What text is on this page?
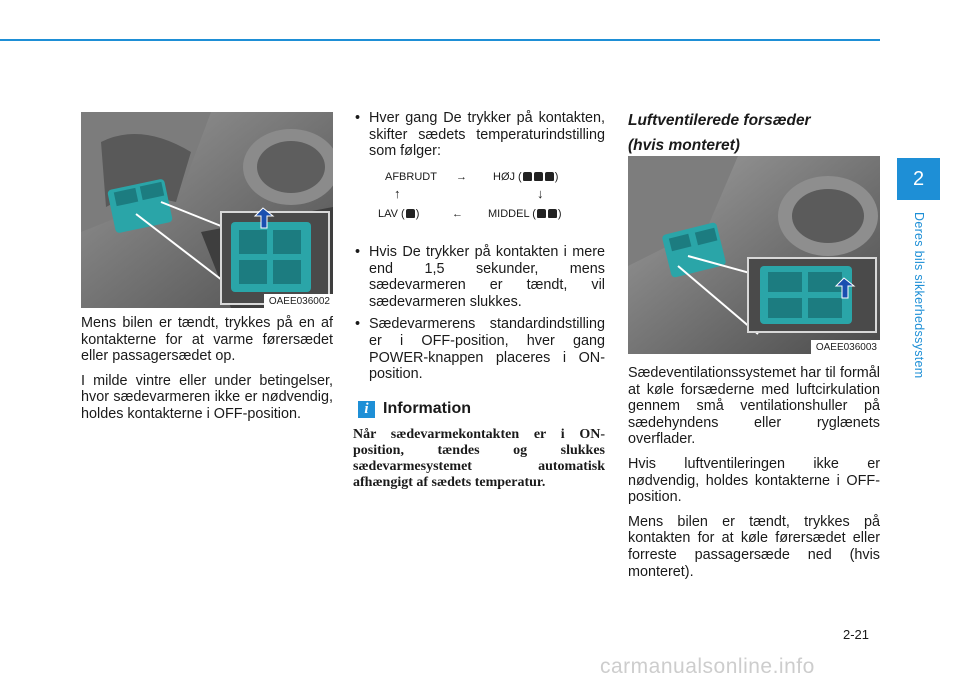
2
Deres bils sikkerhedssystem
OAEE036002

Mens bilen er tændt, trykkes på en af kontakterne for at varme førersædet eller passagersædet op.

I milde vintre eller under betingelser, hvor sædevarmeren ikke er nødvendig, holdes kontakterne i OFF-position.

• Hver gang De trykker på kontakten, skifter sædets temperaturindstilling som følger:
AFBRUDT → HØJ (	)
↑	↓
LAV ( )	← MIDDEL ( )
• Hvis De trykker på kontakten i mere end 1,5 sekunder, mens sædevarmeren er tændt, vil sædevarmeren slukkes.
• Sædevarmerens standardindstilling er i OFF-position, hver gang POWER-knappen placeres i ON-position.
i Information
Når sædevarmekontakten er i ON-position, tændes og slukkes sædevarmesystemet automatisk afhængigt af sædets temperatur.
Luftventilerede forsæder
(hvis monteret)
OAEE036003

Sædeventilationssystemet har til formål at køle forsæderne med luftcirkulation gennem små ventilationshuller på sædehyndens eller ryglænets overflader.

Hvis luftventileringen ikke er nødvendig, holdes kontakterne i OFF-position.

Mens bilen er tændt, trykkes på kontakten for at køle førersædet eller forreste passagersæde ned (hvis monteret).

2-21
carmanualsonline.info
